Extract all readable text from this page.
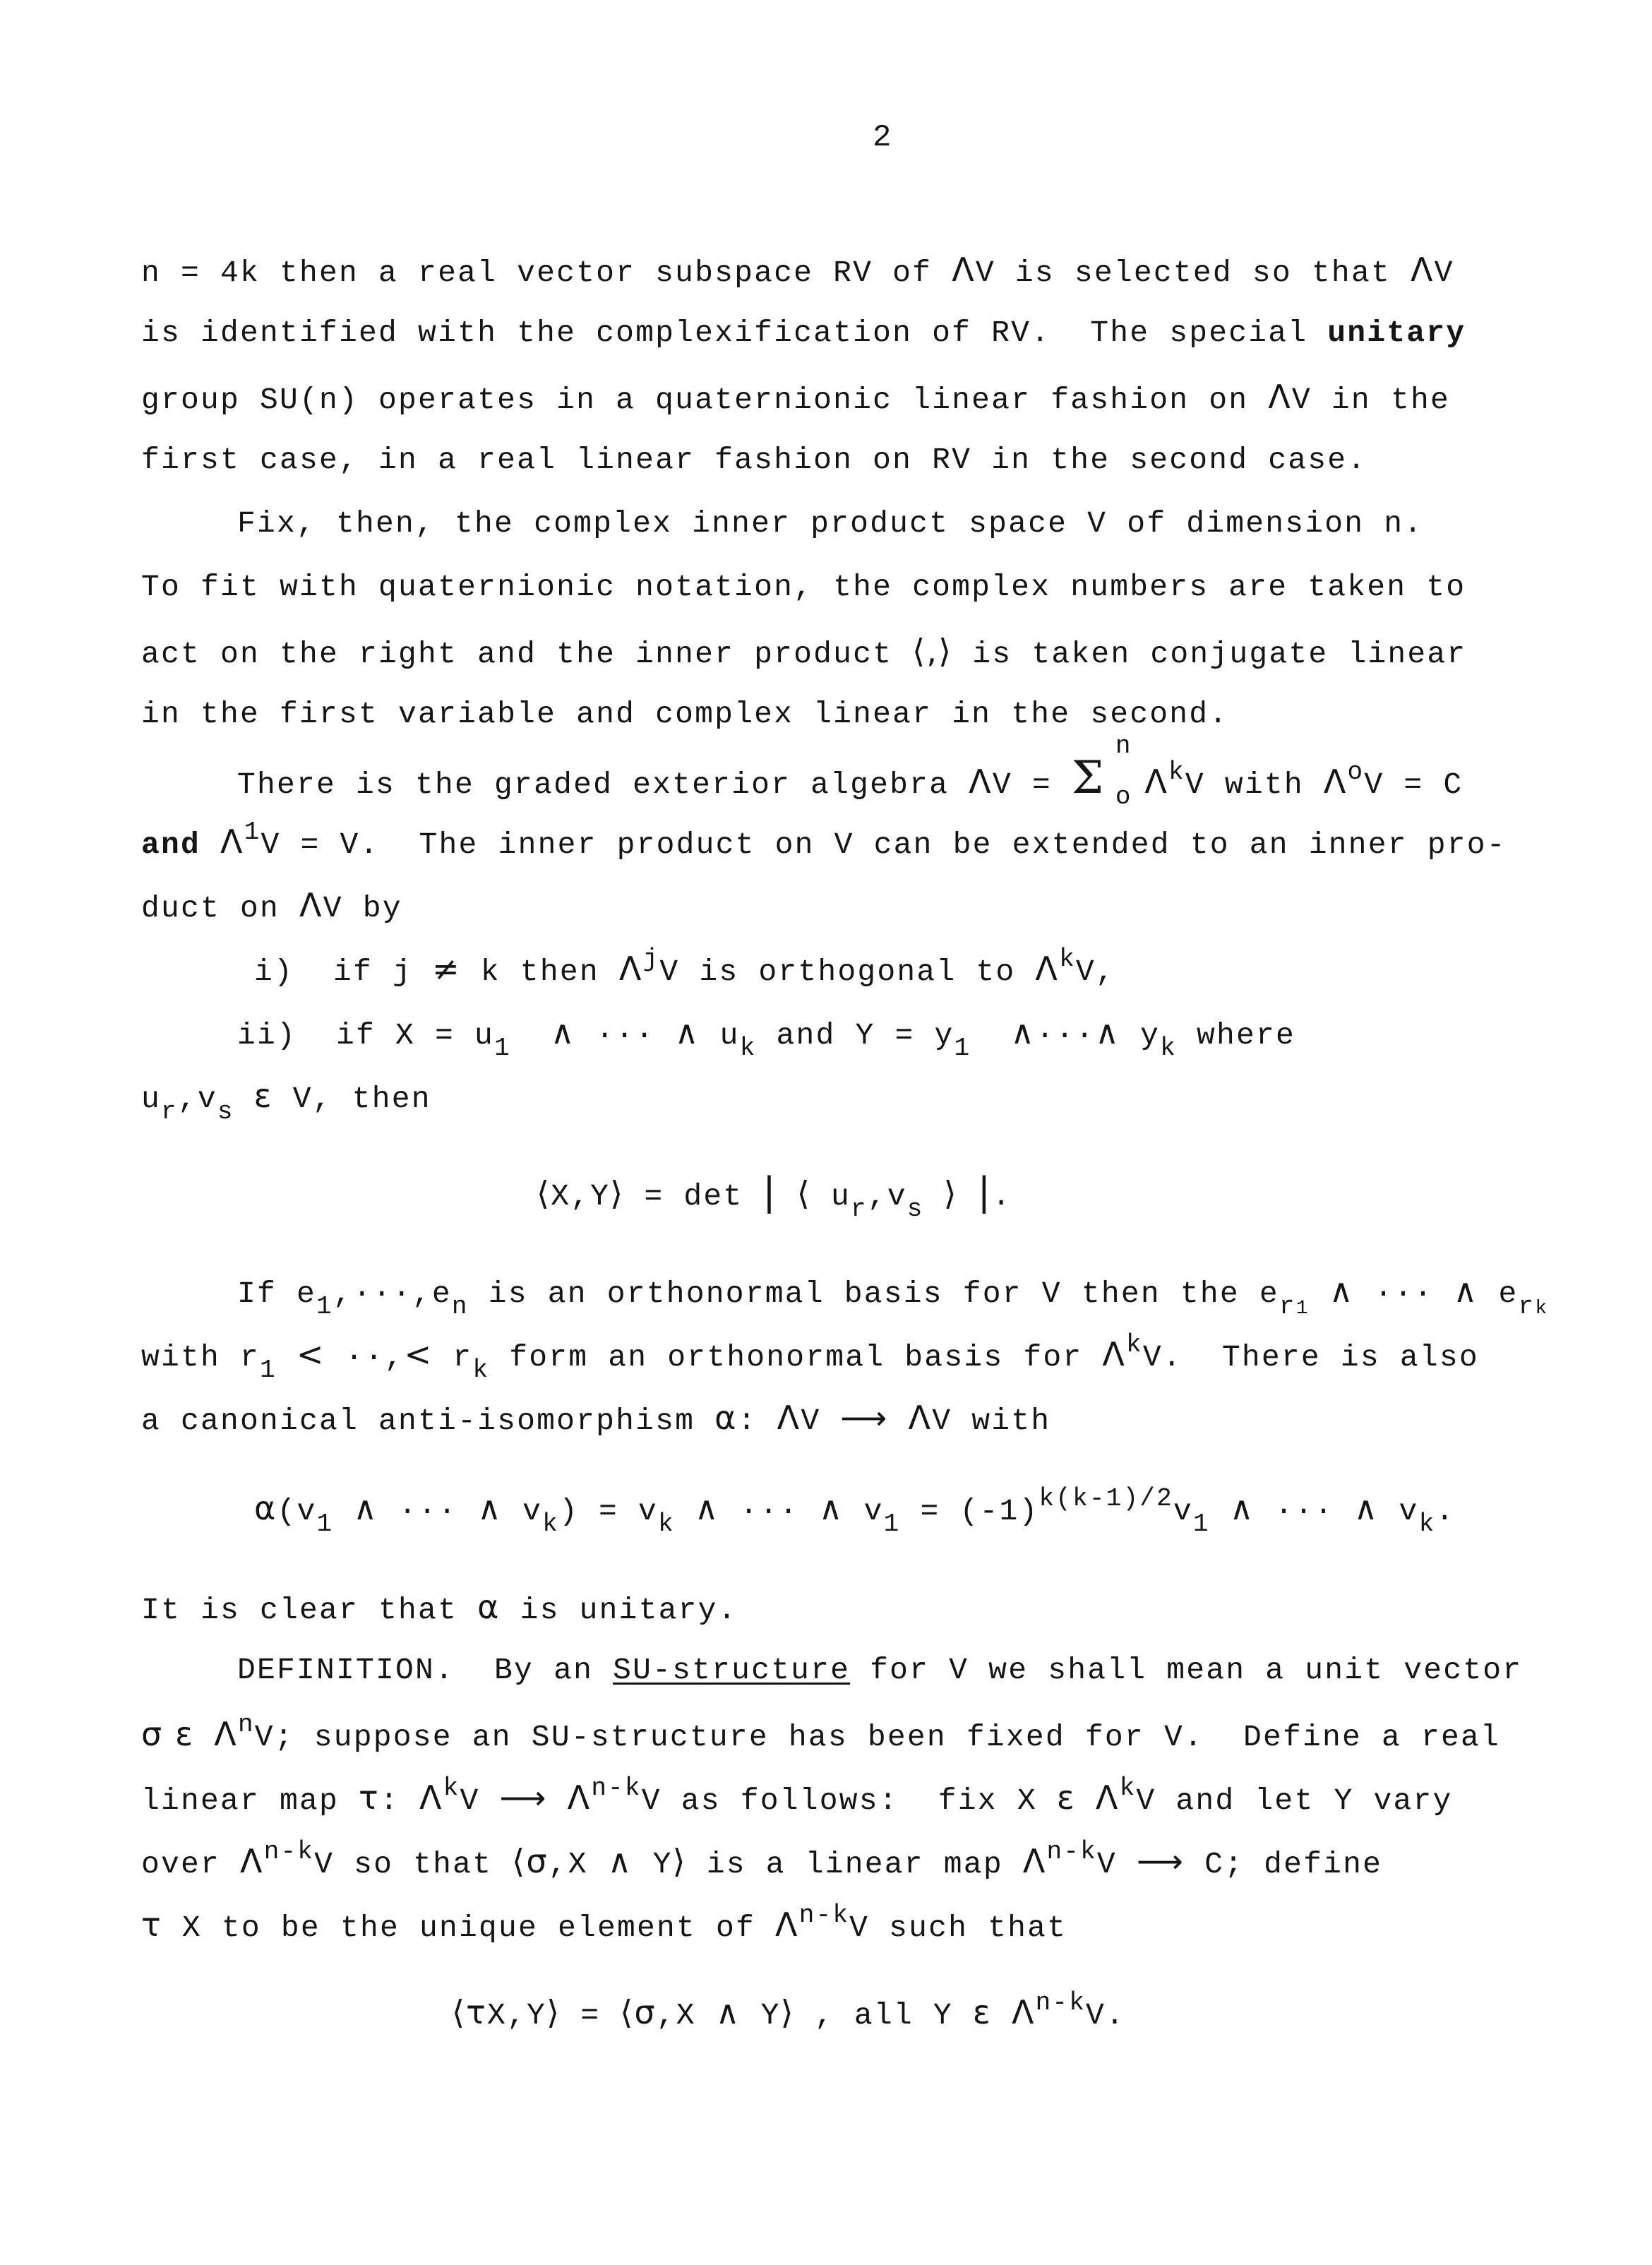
2
n = 4k then a real vector subspace RV of ΛV is selected so that ΛV
is identified with the complexification of RV.  The special unitary
group SU(n) operates in a quaternionic linear fashion on ΛV in the
first case, in a real linear fashion on RV in the second case.
Fix, then, the complex inner product space V of dimension n.
To fit with quaternionic notation, the complex numbers are taken to
act on the right and the inner product ⟨,⟩ is taken conjugate linear
in the first variable and complex linear in the second.
There is the graded exterior algebra ΛV = Σ
n
o $\Lambda^kV$ with $\Lambda^oV = C$
and $\Lambda^1V = V$.  The inner product on V can be extended to an inner pro-
duct on ΛV by
i)  if j ≠ k then $\Lambda^jV$ is orthogonal to $\Lambda^kV$,
ii)  if $X = u_1$ ∧ ··· ∧ $u_k$ and $Y = y_1$ ∧···∧ $y_k$ where
$u_r,v_s$ ε V, then
⟨X,Y⟩ = det | ⟨ $u_r,v_s$ ⟩ |.
If $e_1,\cdot\cdot\cdot,e_n$ is an orthonormal basis for V then the $e_{r1}$ ∧ ··· ∧ $e_{rk}$
with $r_1$ < ··,< $r_k$ form an orthonormal basis for $\Lambda^kV$.  There is also
a canonical anti-isomorphism α: ΛV ⟶ ΛV with
$\alpha(v_1$ ∧ ··· ∧ $v_k) = v_k$ ∧ ··· ∧ $v_1 = (-1)^{k(k-1)/2}v_1$ ∧ ··· ∧ $v_k$.
It is clear that α is unitary.
DEFINITION.  By an SU-structure for V we shall mean a unit vector
σ ε $\Lambda^nV$; suppose an SU-structure has been fixed for V.  Define a real
linear map τ: $\Lambda^kV$ ⟶ $\Lambda^{n-k}V$ as follows:  fix X ε $\Lambda^kV$ and let Y vary
over $\Lambda^{n-k}V$ so that ⟨σ,X ∧ Y⟩ is a linear map $\Lambda^{n-k}V$ ⟶ C; define
τ X to be the unique element of $\Lambda^{n-k}V$ such that
⟨τX,Y⟩ = ⟨σ,X ∧ Y⟩ , all Y ε $\Lambda^{n-k}V$.
